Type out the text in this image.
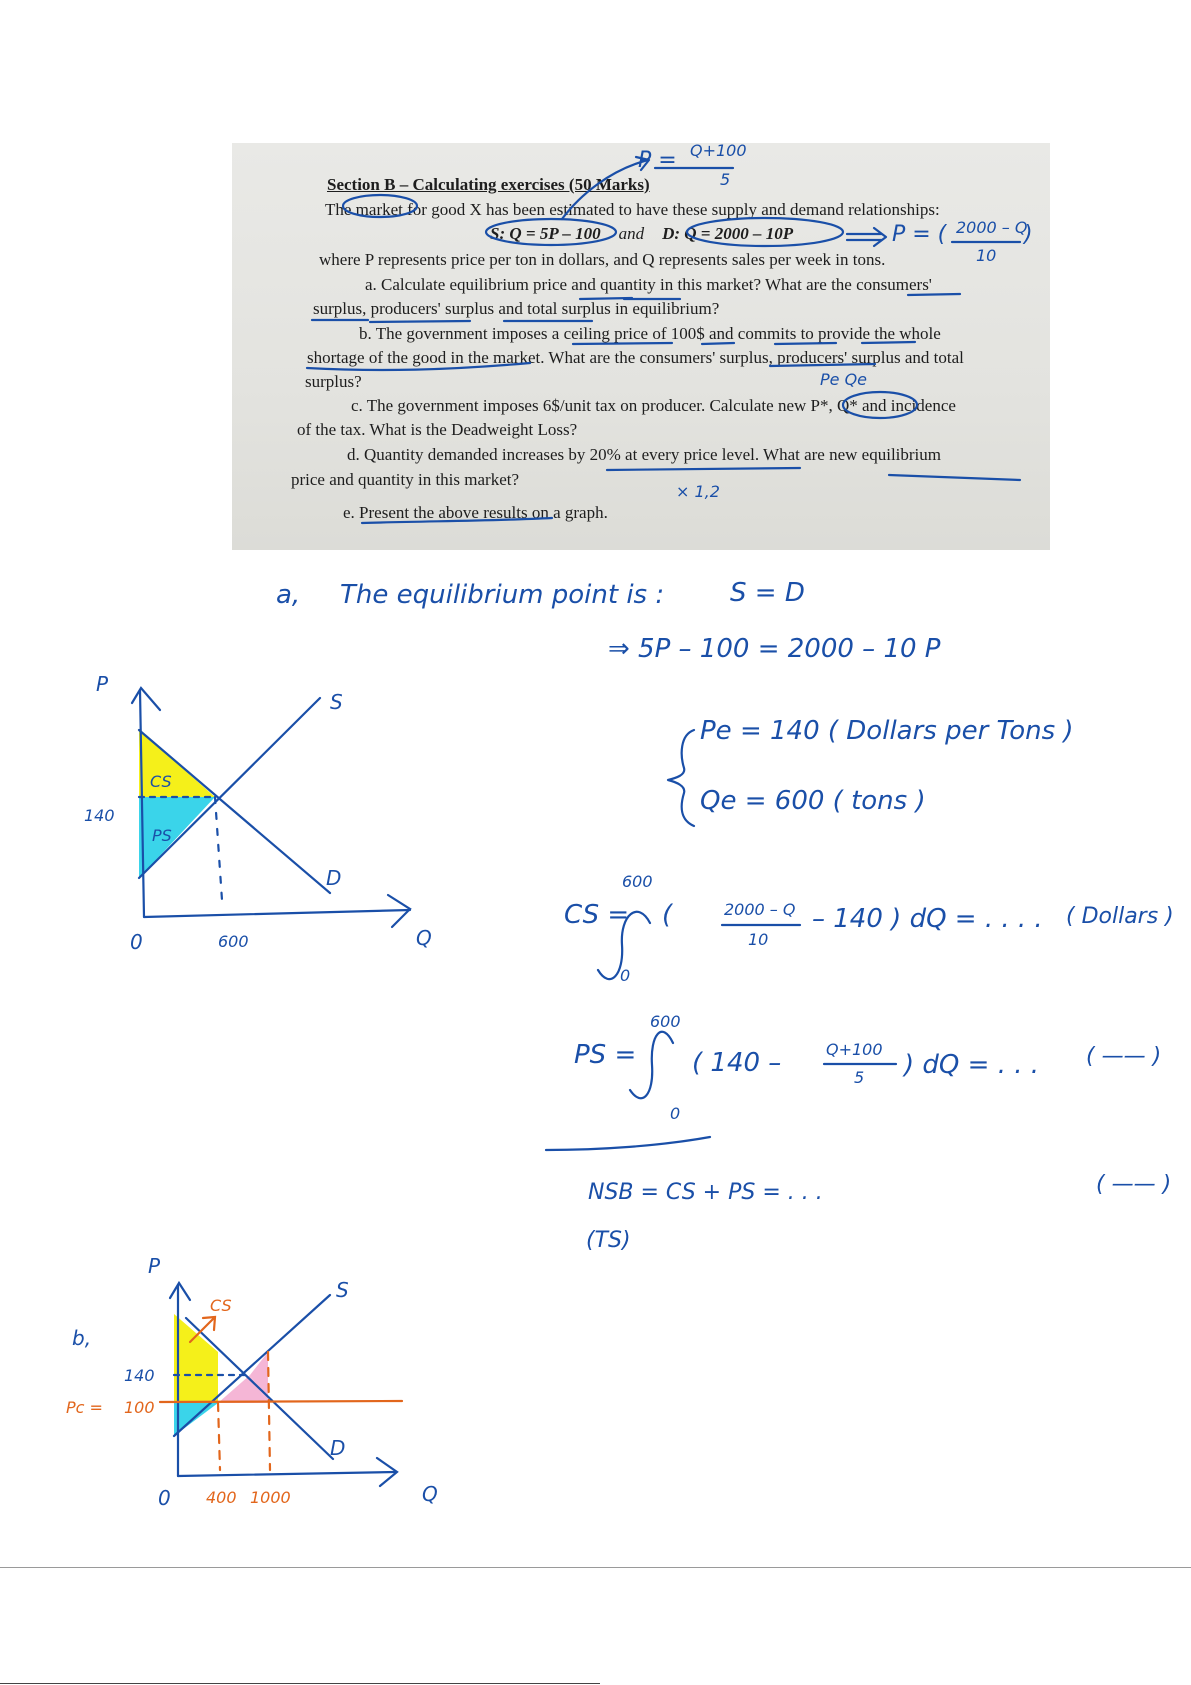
Section B – Calculating exercises (50 Marks)
The market for good X has been estimated to have these supply and demand relationships:
S: Q = 5P – 100 and D: Q = 2000 – 10P
where P represents price per ton in dollars, and Q represents sales per week in tons.
a. Calculate equilibrium price and quantity in this market? What are the consumers'
surplus, producers' surplus and total surplus in equilibrium?
b. The government imposes a ceiling price of 100$ and commits to provide the whole
shortage of the good in the market. What are the consumers' surplus, producers' surplus and total
surplus?
c. The government imposes 6$/unit tax on producer. Calculate new P*, Q* and incidence
of the tax. What is the Deadweight Loss?
d. Quantity demanded increases by 20% at every price level. What are new equilibrium
price and quantity in this market?
e. Present the above results on a graph.
P = Q+100
5
P = ( 2000 – Q
10
)
Pe Qe
× 1,2
a, The equilibrium point is :	S = D
⇒ 5P – 100 = 2000 – 10 P
Pe = 140 ( Dollars per Tons )
Qe = 600 ( tons )
CS =
600
0
(	2000 – Q
10
– 140 ) dQ = . . . . ( Dollars )
PS =
600
0
( 140 –	Q+100
5 ) dQ = . . . ( —— )
NSB = CS + PS = . . .
(TS)
( —— )
P
Q
0
S
D
140
600
CS
PS
b,
P
Q
0
S
D
140
Pc = 100
400 1000
CS
